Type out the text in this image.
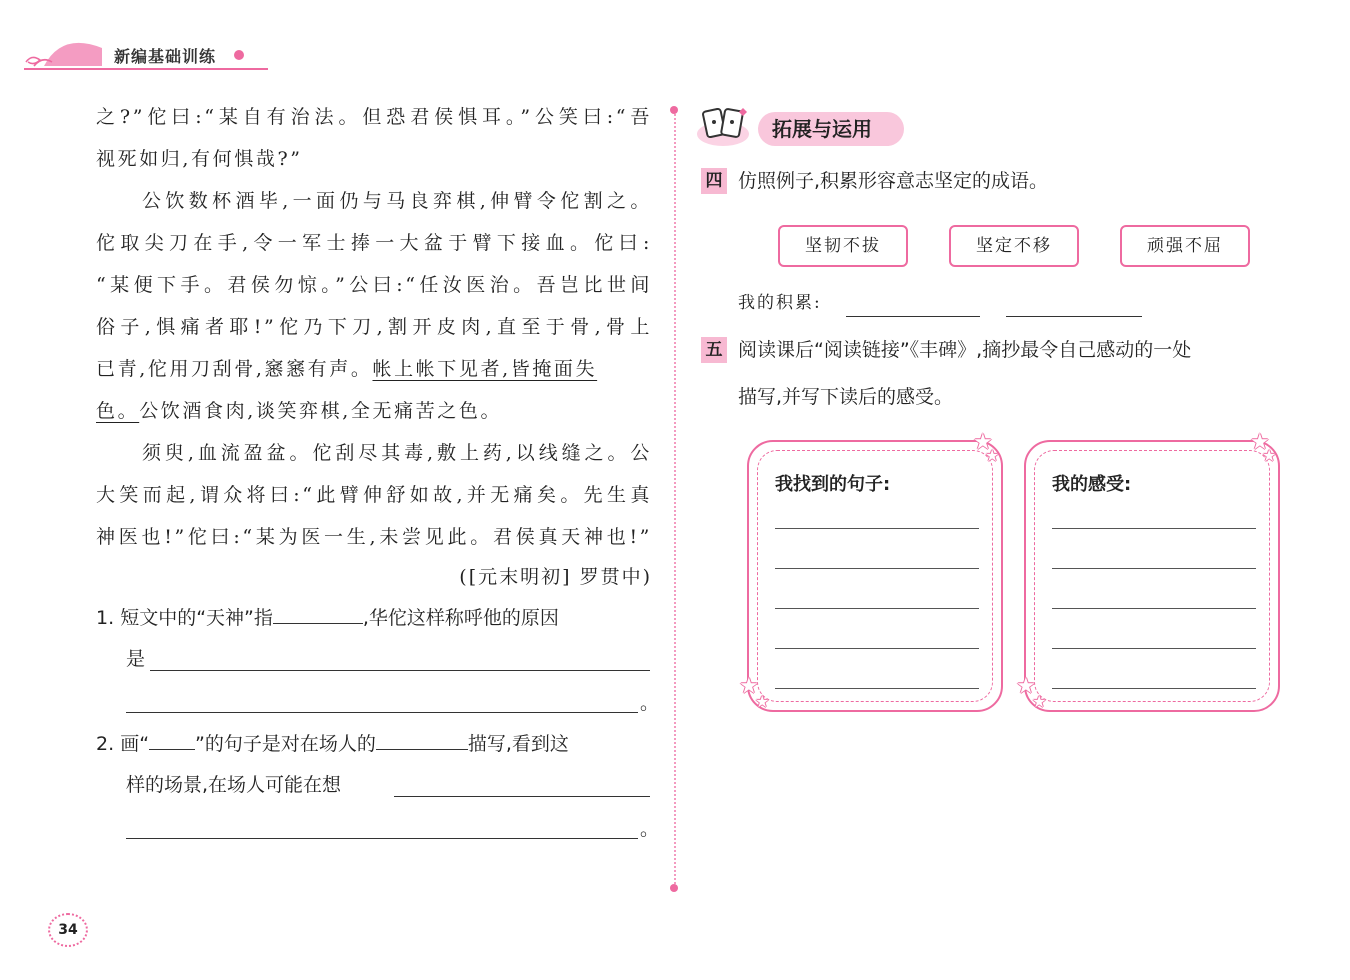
新编基础训练
之?”佗曰:“某自有治法。但恐君侯惧耳。”公笑曰:“吾
视死如归,有何惧哉?”
公饮数杯酒毕,一面仍与马良弈棋,伸臂令佗割之。
佗取尖刀在手,令一军士捧一大盆于臂下接血。佗曰:
“某便下手。君侯勿惊。”公曰:“任汝医治。吾岂比世间
俗子,惧痛者耶!”佗乃下刀,割开皮肉,直至于骨,骨上
已青,佗用刀刮骨,窸窸有声。帐上帐下见者,皆掩面失
色。公饮酒食肉,谈笑弈棋,全无痛苦之色。
须臾,血流盈盆。佗刮尽其毒,敷上药,以线缝之。公
大笑而起,谓众将曰:“此臂伸舒如故,并无痛矣。先生真
神医也!”佗曰:“某为医一生,未尝见此。君侯真天神也!”
([元末明初] 罗贯中)
1. 短文中的“天神”指	,华佗这样称呼他的原因
是
。
2. 画“ ”的句子是对在场人的	描写,看到这
样的场景,在场人可能在想
。
拓展与运用
四 仿照例子,积累形容意志坚定的成语。
坚韧不拔	坚定不移	顽强不屈
我的积累:
五 阅读课后“阅读链接”《丰碑》,摘抄最令自己感动的一处
描写,并写下读后的感受。
我找到的句子:
★
★
★
★
我的感受:
★
★
★
★
34
